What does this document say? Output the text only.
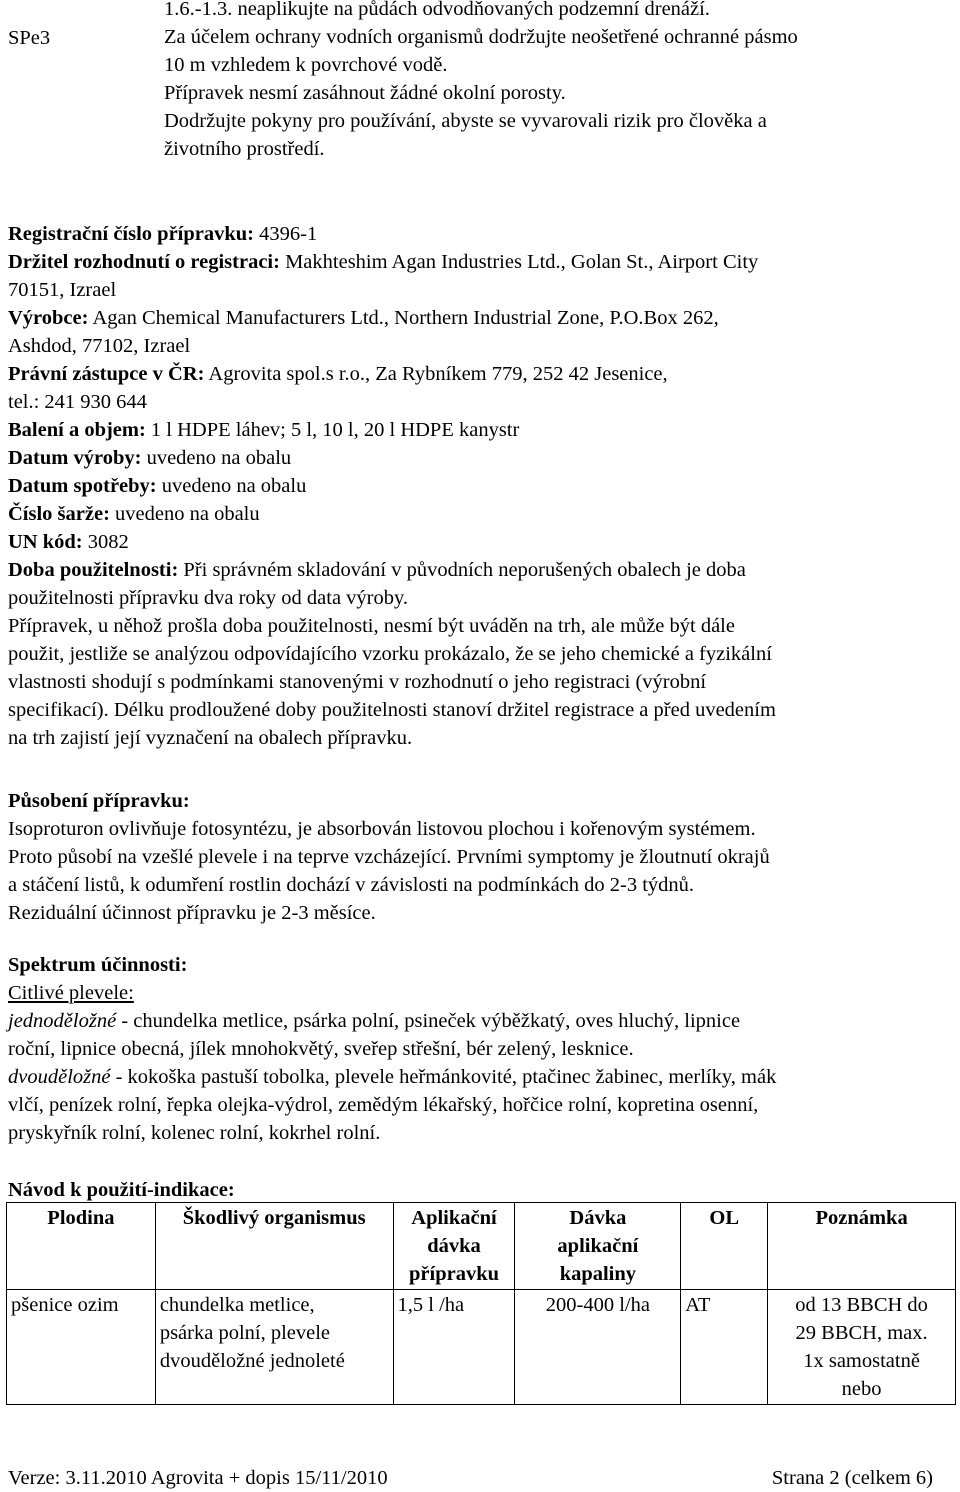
SPe3
1.6.-1.3. neaplikujte na půdách odvodňovaných podzemní drenáží.
Za účelem ochrany vodních organismů dodržujte neošetřené ochranné pásmo
10 m vzhledem k povrchové vodě.
Přípravek nesmí zasáhnout žádné okolní porosty.
Dodržujte pokyny pro používání, abyste se vyvarovali rizik pro člověka a
životního prostředí.
Registrační číslo přípravku: 4396-1
Držitel rozhodnutí o registraci: Makhteshim Agan Industries Ltd., Golan St., Airport City
70151, Izrael
Výrobce: Agan Chemical Manufacturers Ltd., Northern Industrial Zone, P.O.Box 262,
Ashdod, 77102, Izrael
Právní zástupce v ČR: Agrovita spol.s r.o., Za Rybníkem 779, 252 42 Jesenice,
tel.: 241 930 644
Balení a objem: 1 l HDPE láhev; 5 l, 10 l, 20 l HDPE kanystr
Datum výroby: uvedeno na obalu
Datum spotřeby: uvedeno na obalu
Číslo šarže: uvedeno na obalu
UN kód: 3082
Doba použitelnosti: Při správném skladování v původních neporušených obalech je doba
použitelnosti přípravku dva roky od data výroby.
Přípravek, u něhož prošla doba použitelnosti, nesmí být uváděn na trh, ale může být dále
použit, jestliže se analýzou odpovídajícího vzorku prokázalo, že se jeho chemické a fyzikální
vlastnosti shodují s podmínkami stanovenými v rozhodnutí o jeho registraci (výrobní
specifikací). Délku prodloužené doby použitelnosti stanoví držitel registrace a před uvedením
na trh zajistí její vyznačení na obalech přípravku.
Působení přípravku:
Isoproturon ovlivňuje fotosyntézu, je absorbován listovou plochou i kořenovým systémem.
Proto působí na vzešlé plevele i na teprve vzcházející. Prvními symptomy je žloutnutí okrajů
a stáčení listů, k odumření rostlin dochází v závislosti na podmínkách do 2-3 týdnů.
Reziduální účinnost přípravku je 2-3 měsíce.
Spektrum účinnosti:
Citlivé plevele:
jednoděložné - chundelka metlice, psárka polní, psineček výběžkatý, oves hluchý, lipnice
roční, lipnice obecná, jílek mnohokvětý, sveřep střešní, bér zelený, lesknice.
dvouděložné - kokoška pastuší tobolka, plevele heřmánkovité, ptačinec žabinec, merlíky, mák
vlčí, penízek rolní, řepka olejka-výdrol, zemědým lékařský, hořčice rolní, kopretina osenní,
pryskyřník rolní, kolenec rolní, kokrhel rolní.
Návod k použití-indikace:
Plodina	Škodlivý organismus	Aplikační
dávka
přípravku	Dávka
aplikační
kapaliny	OL	Poznámka
pšenice ozim	chundelka metlice,
psárka polní, plevele
dvouděložné jednoleté	1,5 l /ha	200-400 l/ha	AT	od 13 BBCH do
29 BBCH, max.
1x samostatně
nebo
Verze: 3.11.2010 Agrovita + dopis 15/11/2010	Strana 2 (celkem 6)
